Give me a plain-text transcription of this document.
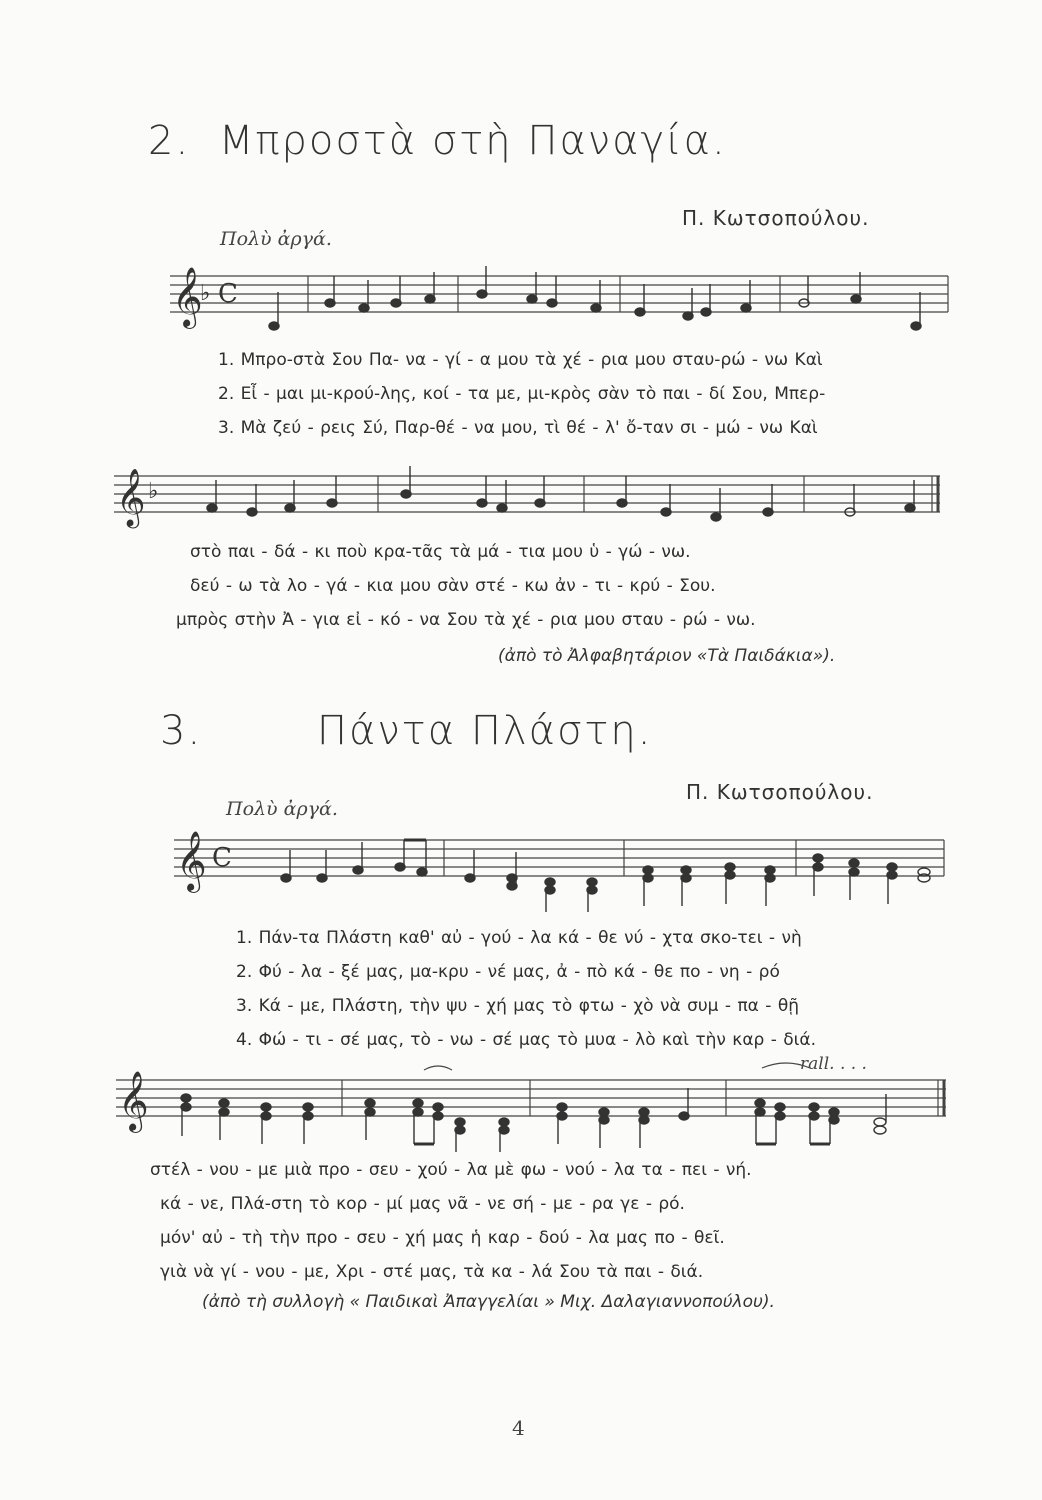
2. Μπροστὰ στὴ Παναγία.
Π. Κωτσοπούλου.
Πολὺ ἀργά.
𝄞
♭ C
1. Μπρο-στὰ Σου Πα- να - γί - α μου τὰ χέ - ρια μου σταυ-ρώ - νω Καὶ
2. Εἶ - μαι μι-κρού-λης, κοί - τα με, μι-κρὸς σὰν τὸ παι - δί Σου, Μπερ-
3. Μὰ ζεύ - ρεις Σύ, Παρ-θέ - να μου, τὶ θέ - λ' ὄ-ταν σι - μώ - νω Καὶ
𝄞 ♭
στὸ παι - δά - κι ποὺ κρα-τᾶς τὰ μά - τια μου ὑ - γώ - νω.
δεύ - ω τὰ λο - γά - κια μου σὰν στέ - κω ἀν - τι - κρύ - Σου.
μπρὸς στὴν Ἀ - για εἰ - κό - να Σου τὰ χέ - ρια μου σταυ - ρώ - νω.
(ἀπὸ τὸ Ἀλφαβητάριον «Τὰ Παιδάκια»).
3.	Πάντα Πλάστη.
Π. Κωτσοπούλου.
Πολὺ ἀργά.
𝄞 C
1. Πάν-τα Πλάστη καθ' αὐ - γού - λα κά - θε νύ - χτα σκο-τει - νὴ
2. Φύ - λα - ξέ μας, μα-κρυ - νέ μας, ἀ - πὸ κά - θε πο - νη - ρό
3. Κά - με, Πλάστη, τὴν ψυ - χή μας τὸ φτω - χὸ νὰ συμ - πα - θῇ
4. Φώ - τι - σέ μας, τὸ - νω - σέ μας τὸ μυα - λὸ καὶ τὴν καρ - διά.
rall. . . .
𝄞
στέλ - νου - με μιὰ προ - σευ - χού - λα μὲ φω - νού - λα τα - πει - νή.
κά - νε, Πλά-στη τὸ κορ - μί μας νᾶ - νε σή - με - ρα γε - ρό.
μόν' αὐ - τὴ τὴν προ - σευ - χή μας ἡ καρ - δού - λα μας πο - θεῖ.
γιὰ νὰ γί - νου - με, Χρι - στέ μας, τὰ κα - λά Σου τὰ παι - διά.
(ἀπὸ τὴ συλλογὴ « Παιδικαὶ Ἀπαγγελίαι » Μιχ. Δαλαγιαννοπούλου).
4
